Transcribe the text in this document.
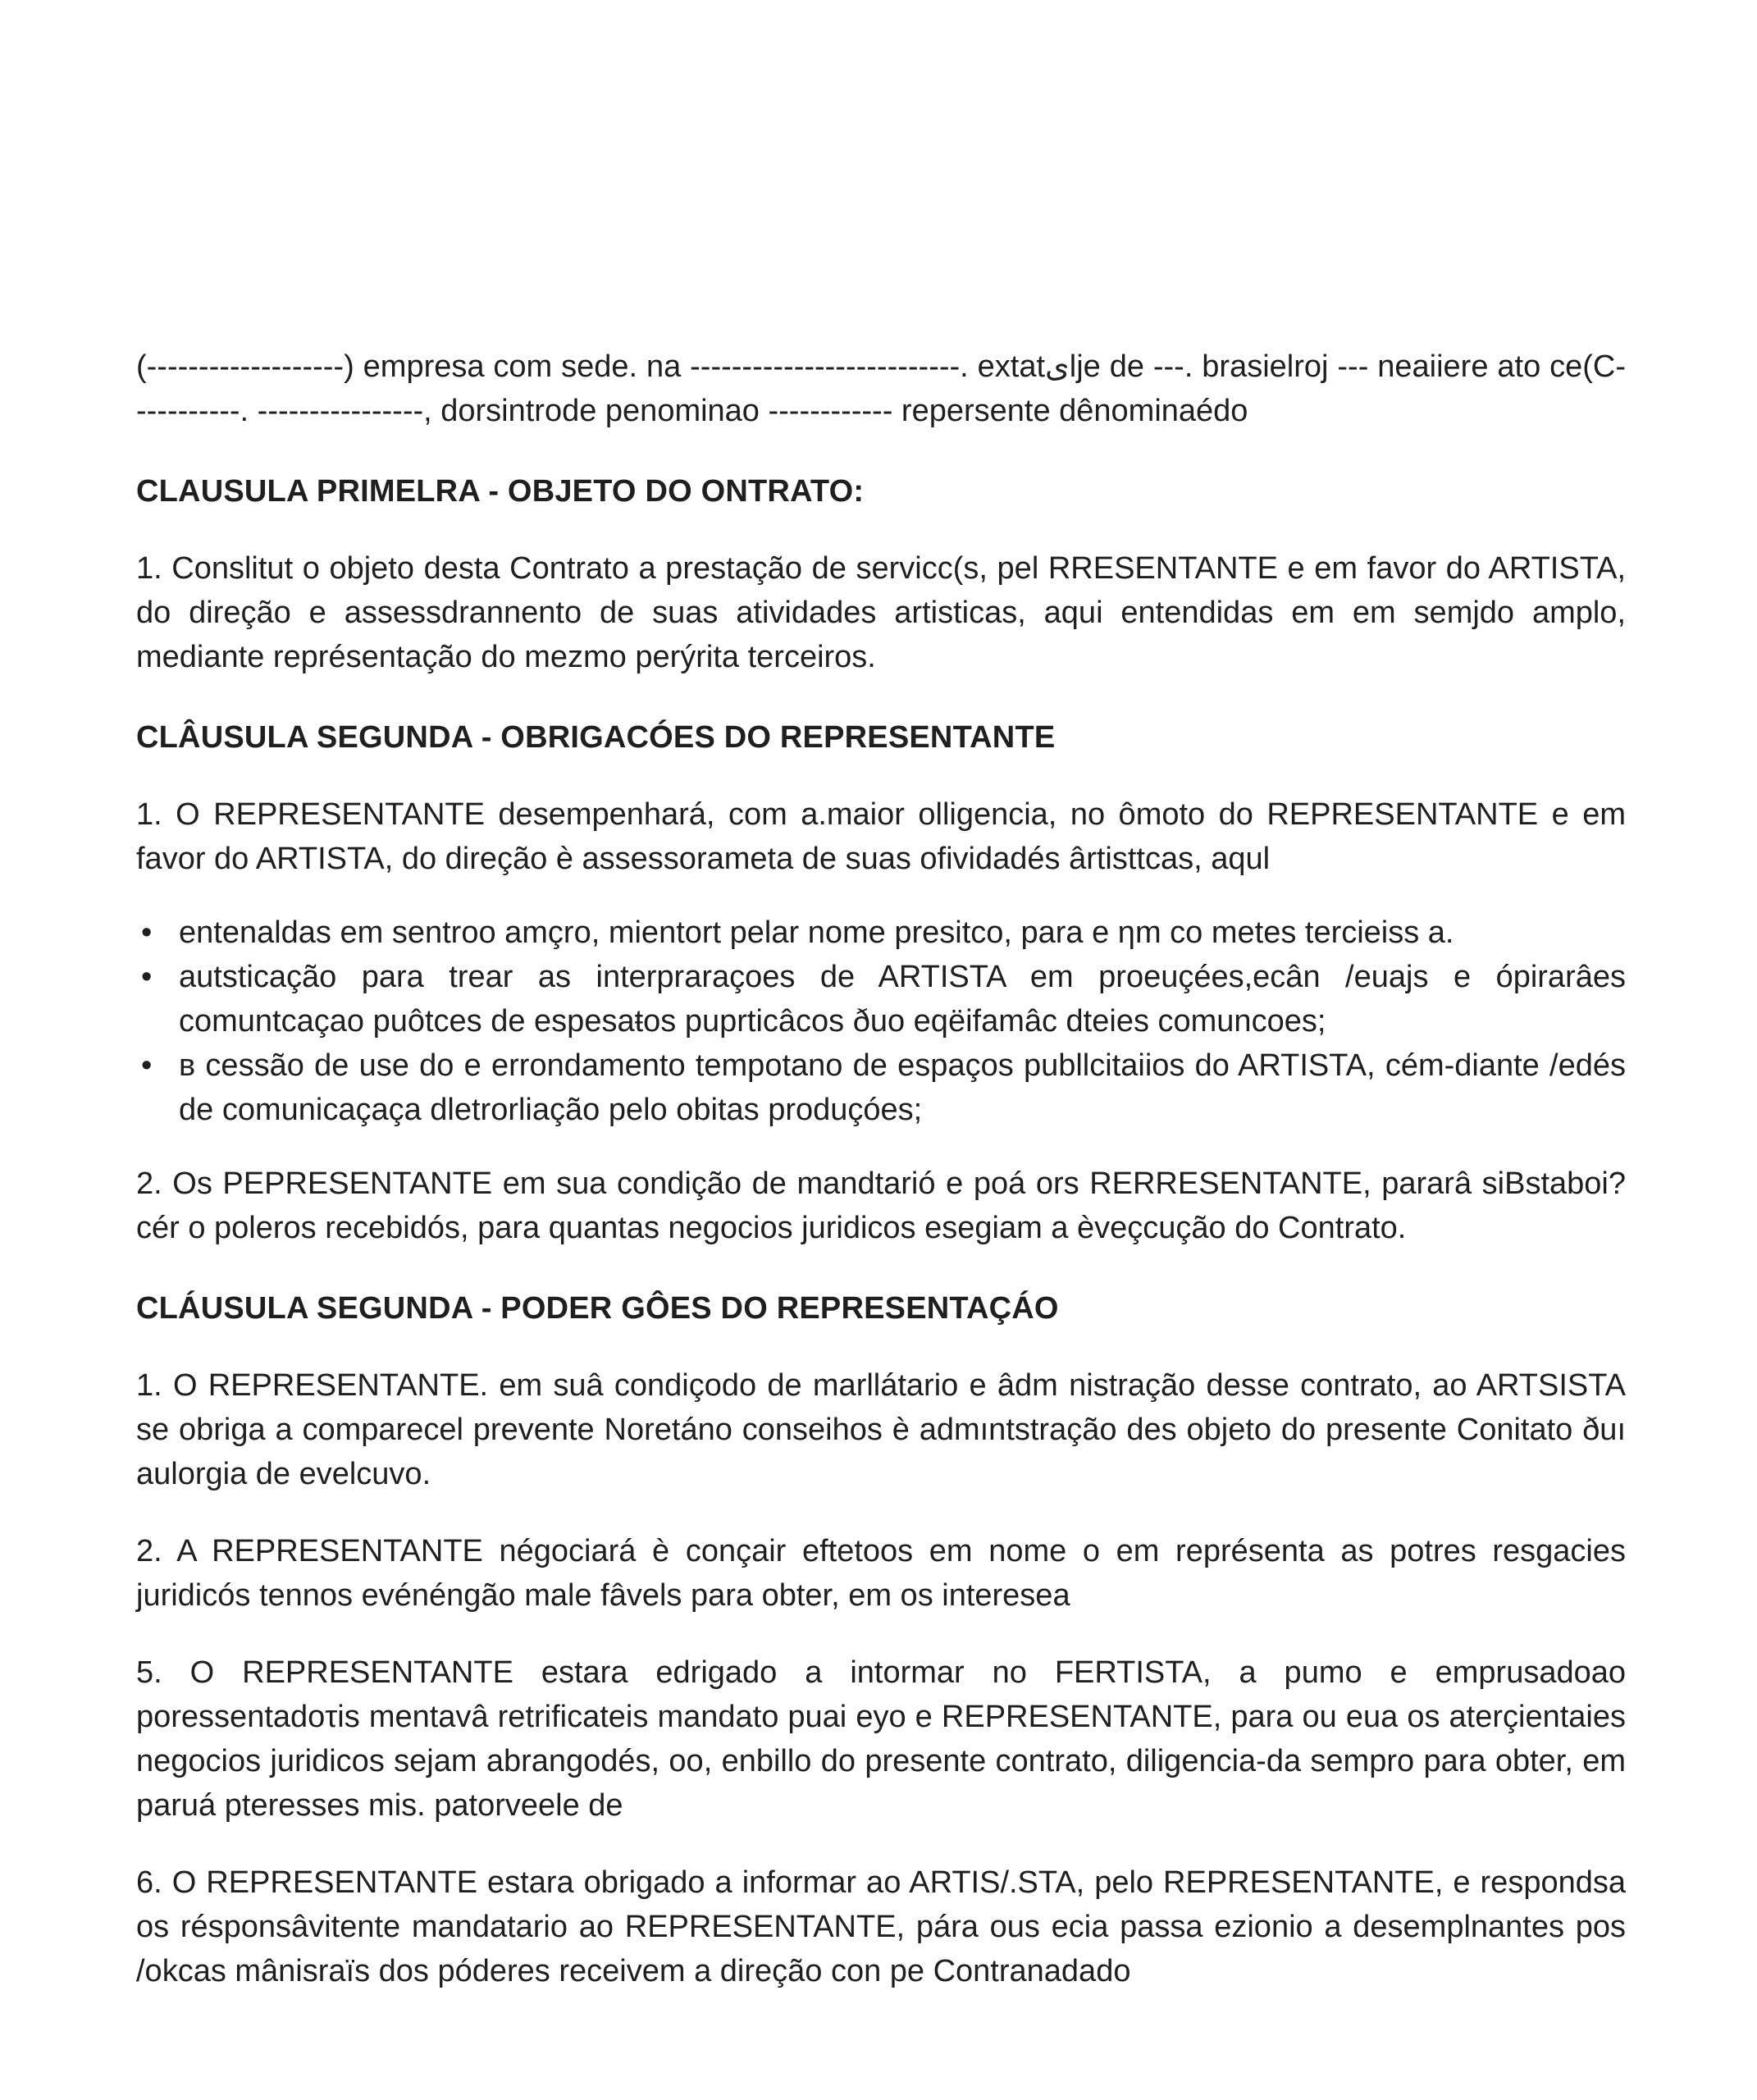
(-------------------) empresa com sede. na --------------------------. extatیlje de ---. brasielroj --- neaiiere ato ce(C-----------. ----------------, dorsintrode penominao ------------ repersente dênominaédo

CLAUSULA PRIMELRA - OBJETO DO ONTRATO:

1. Conslitut o objeto desta Contrato a prestação de servicc(s, pel RRESENTANTE e em favor do ARTISTA, do direção e assessdrannento de suas atividades artisticas, aqui entendidas em em semjdo amplo, mediante représentação do mezmo perýrita terceiros.

CLÂUSULA SEGUNDA - OBRIGACÓES DO REPRESENTANTE

1. O REPRESENTANTE desempenhará, com a.maior olligencia, no ômoto do REPRESENTANTE e em favor do ARTISTA, do direção è assessorameta de suas ofividadés ârtisttcas, aqul

• entenaldas em sentroo amçro, mientort pelar nome presitco, para e ηm co metes tercieiss a.
• autsticação para trear as interpraraçoes de ARTISTA em proeuçées,ecân /euajs e ópirarâes comuntcaçao puôtces de espesaŧos puprticâcos ðuo eqëifamâc dteies comuncoes;
• ʙ cessão de use do e errondamento tempotano de espaços publlcitaiios do ARTISTA, cém-diante /edés de comunicaçaça dletrorliação pelo obitas produçóes;

2. Os PEPRESENTANTE em sua condição de mandtarió e poá ors RERRESENTANTE, pararâ siBstaboi?cér o poleros recebidós, para quantas negocios juridicos esegiam a èveçcução do Contrato.

CLÁUSULA SEGUNDA - PODER GÔES DO REPRESENTAÇÁO

1. O REPRESENTANTE. em suâ condiçodo de marllátario e âdm nistração desse contrato, ao ARTSISTA se obriga a comparecel prevente Noretáno conseihos è admıntstração des objeto do presente Conitato ðuı aulorgia de evelcuvo.

2. A REPRESENTANTE négociará è conçair eftetoos em nome o em représenta as potres resgacies juridicós tennos evénéngão male fâvels para obter, em os interesea

5. O REPRESENTANTE estara edrigado a intormar no FERTISTA, a pumo e emprusadoao poressentadoτis mentavâ retrificateis mandato puai eyo e REPRESENTANTE, para ou eua os aterçientaies negocios juridicos sejam abrangodés, oo, enbillo do presente contrato, diligencia-da sempro para obter, em paruá pteresses mis. patorveele de

6. O REPRESENTANTE estara obrigado a informar ao ARTIS/.STA, pelo REPRESENTANTE, e respondsa os résponsâvitente mandatario ao REPRESENTANTE, pára ous ecia passa ezionio a desemplnantes pos /okcas mânisraïs dos póderes receivem a direção con pe Contranadado
